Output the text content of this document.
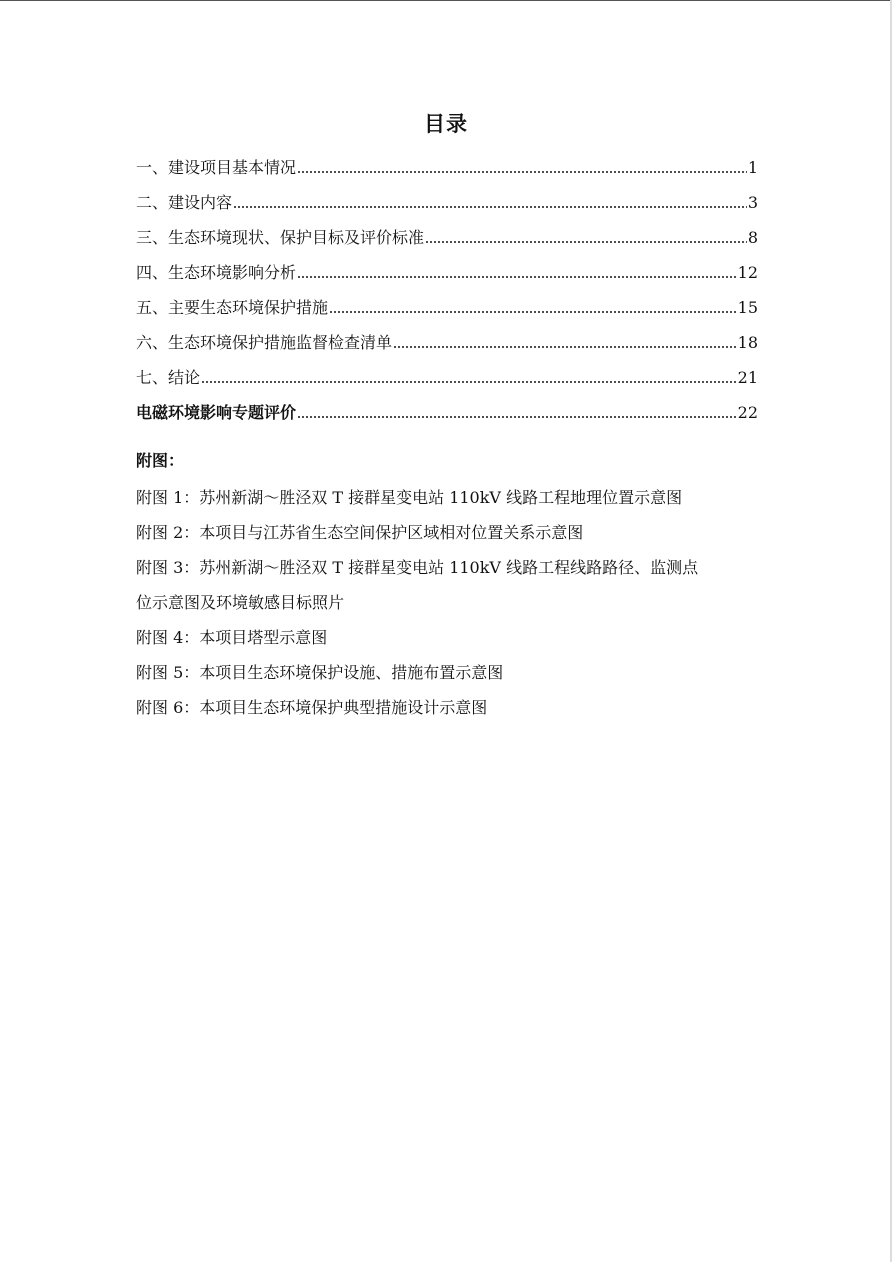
目录
一、建设项目基本情况	1
二、建设内容	3
三、生态环境现状、保护目标及评价标准	8
四、生态环境影响分析	12
五、主要生态环境保护措施	15
六、生态环境保护措施监督检查清单	18
七、结论	21
电磁环境影响专题评价	22
附图：
附图 1：苏州新湖～胜泾双 T 接群星变电站 110kV 线路工程地理位置示意图
附图 2：本项目与江苏省生态空间保护区域相对位置关系示意图
附图 3：苏州新湖～胜泾双 T 接群星变电站 110kV 线路工程线路路径、监测点
位示意图及环境敏感目标照片
附图 4：本项目塔型示意图
附图 5：本项目生态环境保护设施、措施布置示意图
附图 6：本项目生态环境保护典型措施设计示意图
